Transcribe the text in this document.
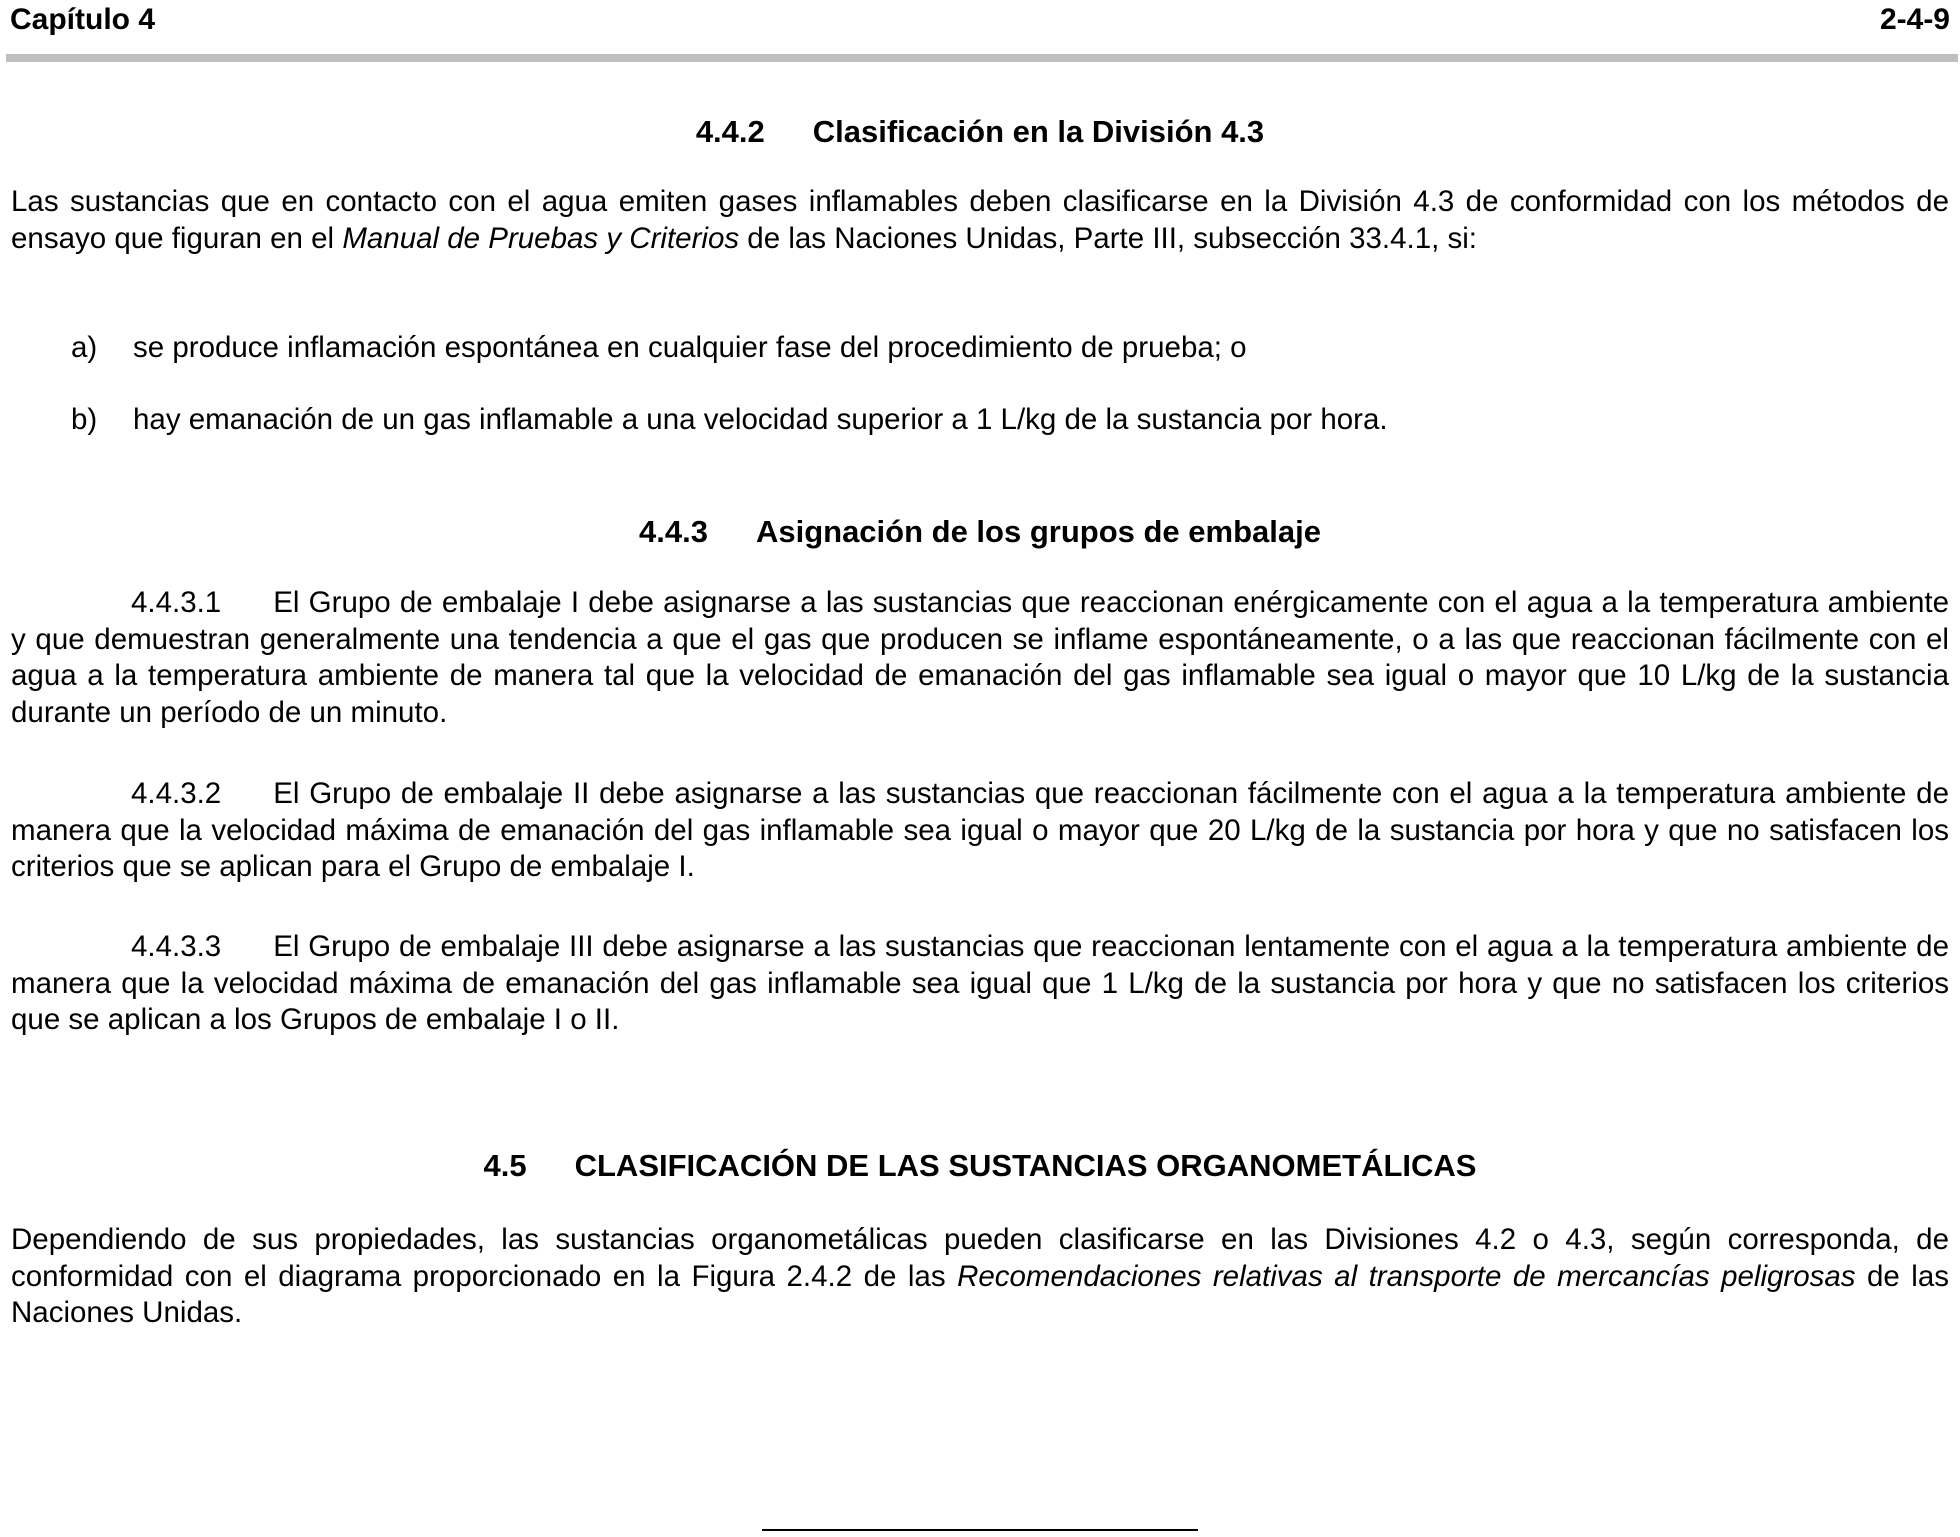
Capítulo 4	2-4-9
4.4.2 Clasificación en la División 4.3

Las sustancias que en contacto con el agua emiten gases inflamables deben clasificarse en la División 4.3 de conformidad con los métodos de ensayo que figuran en el Manual de Pruebas y Criterios de las Naciones Unidas, Parte III, subsección 33.4.1, si:

a) se produce inflamación espontánea en cualquier fase del procedimiento de prueba; o

b) hay emanación de un gas inflamable a una velocidad superior a 1 L/kg de la sustancia por hora.

4.4.3 Asignación de los grupos de embalaje

4.4.3.1 El Grupo de embalaje I debe asignarse a las sustancias que reaccionan enérgicamente con el agua a la temperatura ambiente y que demuestran generalmente una tendencia a que el gas que producen se inflame espontáneamente, o a las que reaccionan fácilmente con el agua a la temperatura ambiente de manera tal que la velocidad de emanación del gas inflamable sea igual o mayor que 10 L/kg de la sustancia durante un período de un minuto.

4.4.3.2 El Grupo de embalaje II debe asignarse a las sustancias que reaccionan fácilmente con el agua a la temperatura ambiente de manera que la velocidad máxima de emanación del gas inflamable sea igual o mayor que 20 L/kg de la sustancia por hora y que no satisfacen los criterios que se aplican para el Grupo de embalaje I.

4.4.3.3 El Grupo de embalaje III debe asignarse a las sustancias que reaccionan lentamente con el agua a la temperatura ambiente de manera que la velocidad máxima de emanación del gas inflamable sea igual que 1 L/kg de la sustancia por hora y que no satisfacen los criterios que se aplican a los Grupos de embalaje I o II.

4.5 CLASIFICACIÓN DE LAS SUSTANCIAS ORGANOMETÁLICAS

Dependiendo de sus propiedades, las sustancias organometálicas pueden clasificarse en las Divisiones 4.2 o 4.3, según corresponda, de conformidad con el diagrama proporcionado en la Figura 2.4.2 de las Recomendaciones relativas al transporte de mercancías peligrosas de las Naciones Unidas.
